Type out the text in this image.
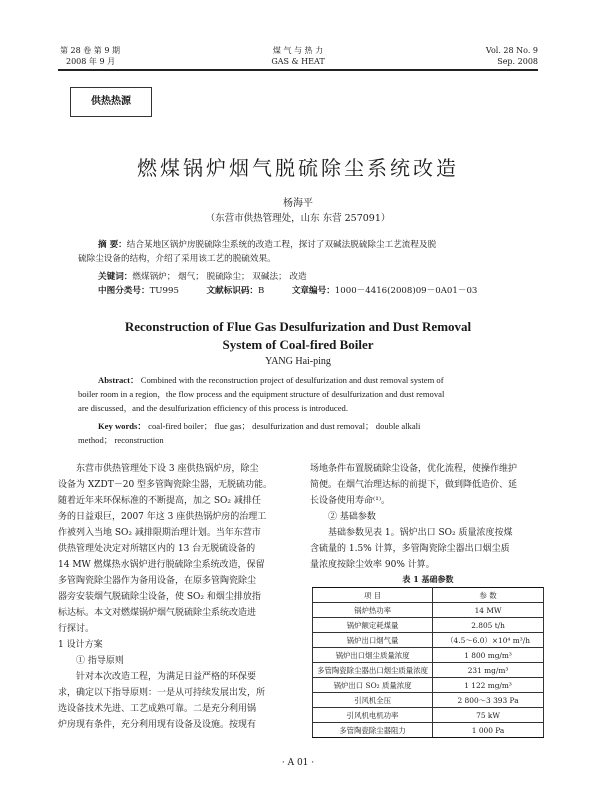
第 28 卷 第 9 期
2008 年 9 月
煤 气 与 热 力
GAS & HEAT
Vol. 28 No. 9
Sep. 2008
供热热源
燃煤锅炉烟气脱硫除尘系统改造
杨海平
（东营市供热管理处，山东 东营 257091）
摘 要：结合某地区锅炉房脱硫除尘系统的改造工程，探讨了双碱法脱硫除尘工艺流程及脱
硫除尘设备的结构，介绍了采用该工艺的脱硫效果。
关键词：燃煤锅炉； 烟气； 脱硫除尘； 双碱法； 改造
中图分类号：TU995	文献标识码：B	文章编号：1000－4416(2008)09－0A01－03
Reconstruction of Flue Gas Desulfurization and Dust Removal
System of Coal-fired Boiler
YANG Hai-ping
Abstract： Combined with the reconstruction project of desulfurization and dust removal system of
boiler room in a region，the flow process and the equipment structure of desulfurization and dust removal
are discussed，and the desulfurization efficiency of this process is introduced.
Key words： coal-fired boiler； flue gas； desulfurization and dust removal； double alkali
method； reconstruction
东营市供热管理处下设 3 座供热锅炉房，除尘
设备为 XZDT－20 型多管陶瓷除尘器，无脱硫功能。
随着近年来环保标准的不断提高，加之 SO₂ 减排任
务的日益艰巨，2007 年这 3 座供热锅炉房的治理工
作被列入当地 SO₂ 减排限期治理计划。当年东营市
供热管理处决定对所辖区内的 13 台无脱硫设备的
14 MW 燃煤热水锅炉进行脱硫除尘系统改造，保留
多管陶瓷除尘器作为备用设备，在原多管陶瓷除尘
器旁安装烟气脱硫除尘设备，使 SO₂ 和烟尘排放指
标达标。本文对燃煤锅炉烟气脱硫除尘系统改造进
行探讨。
1 设计方案
① 指导原则
针对本次改造工程，为满足日益严格的环保要
求，确定以下指导原则：一是从可持续发展出发，所
选设备技术先进、工艺成熟可靠。二是充分利用锅
炉房现有条件，充分利用现有设备及设施。按现有
场地条件布置脱硫除尘设备，优化流程，使操作维护
简便。在烟气治理达标的前提下，做到降低造价、延
长设备使用寿命⁽¹⁾。
② 基础参数
基础参数见表 1。锅炉出口 SO₂ 质量浓度按煤
含硫量的 1.5% 计算，多管陶瓷除尘器出口烟尘质
量浓度按除尘效率 90% 计算。
表 1 基础参数
项 目	参 数
锅炉热功率	14 MW
锅炉额定耗煤量	2.805 t/h
锅炉出口烟气量	（4.5～6.0）×10⁴ m³/h
锅炉出口烟尘质量浓度	1 800 mg/m³
多管陶瓷除尘器出口烟尘质量浓度	231 mg/m³
锅炉出口 SO₂ 质量浓度	1 122 mg/m³
引风机全压	2 800～3 393 Pa
引风机电机功率	75 kW
多管陶瓷除尘器阻力	1 000 Pa
· A 01 ·
